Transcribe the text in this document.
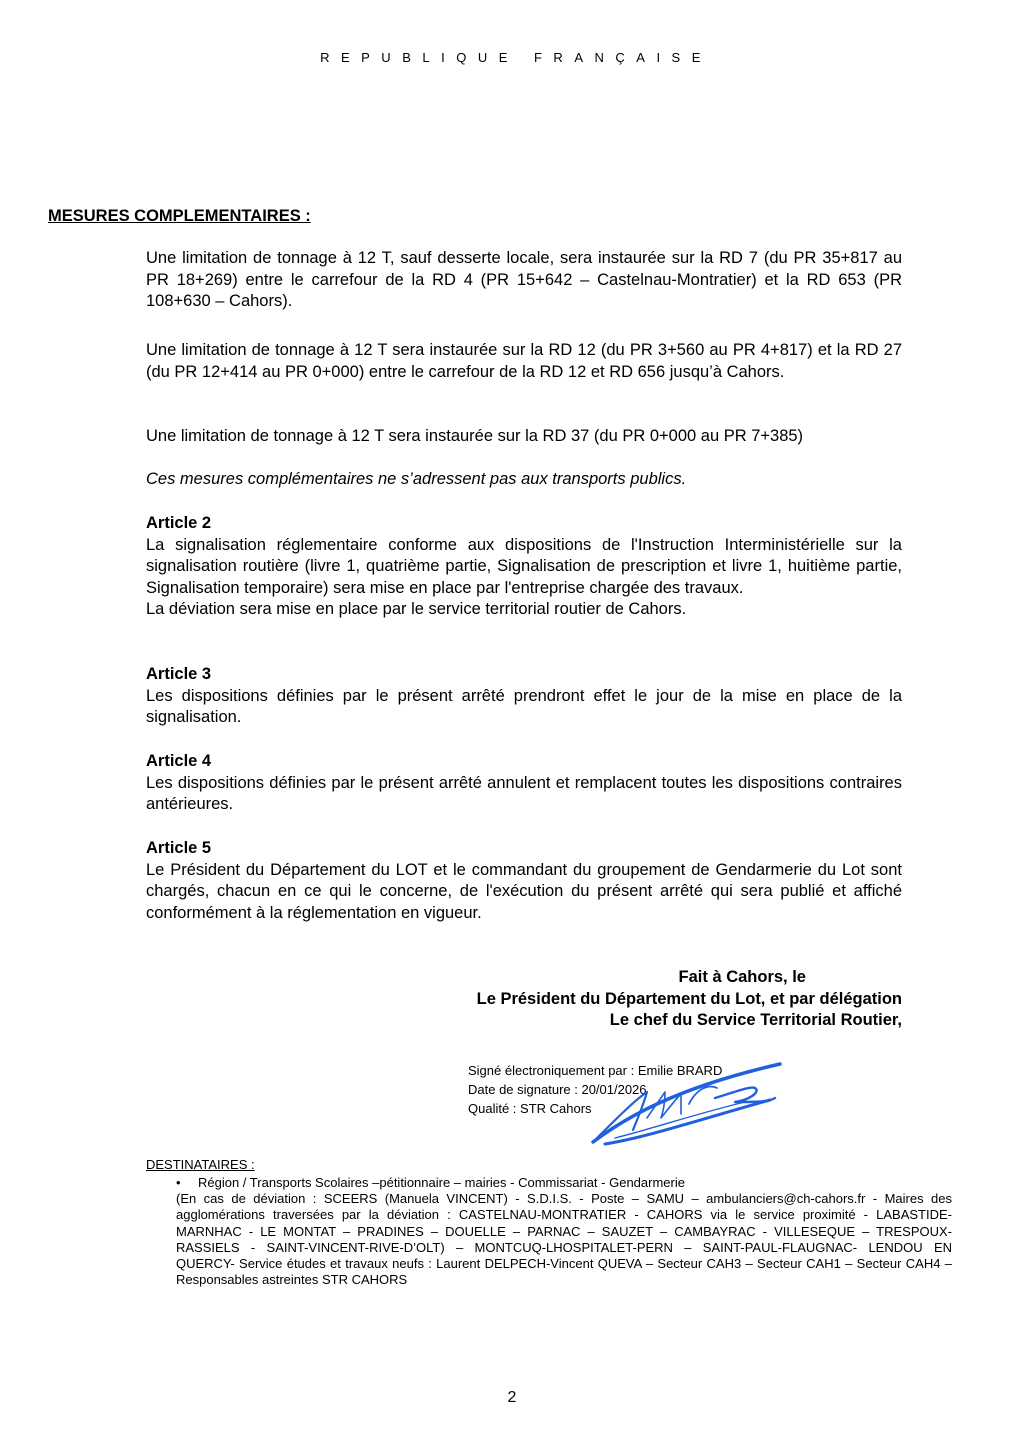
REPUBLIQUE FRANÇAISE
MESURES COMPLEMENTAIRES :

Une limitation de tonnage à 12 T, sauf desserte locale, sera instaurée sur la RD 7 (du PR 35+817 au PR 18+269) entre le carrefour de la RD 4 (PR 15+642 – Castelnau-Montratier) et la RD 653 (PR 108+630 – Cahors).

Une limitation de tonnage à 12 T sera instaurée sur la RD 12 (du PR 3+560 au PR 4+817) et la RD 27 (du PR 12+414 au PR 0+000) entre le carrefour de la RD 12 et RD 656 jusqu’à Cahors.

Une limitation de tonnage à 12 T sera instaurée sur la RD 37 (du PR 0+000 au PR 7+385)

Ces mesures complémentaires ne s’adressent pas aux transports publics.

Article 2

La signalisation réglementaire conforme aux dispositions de l'Instruction Interministérielle sur la signalisation routière (livre 1, quatrième partie, Signalisation de prescription et livre 1, huitième partie, Signalisation temporaire) sera mise en place par l'entreprise chargée des travaux.

La déviation sera mise en place par le service territorial routier de Cahors.

Article 3

Les dispositions définies par le présent arrêté prendront effet le jour de la mise en place de la signalisation.

Article 4

Les dispositions définies par le présent arrêté annulent et remplacent toutes les dispositions contraires antérieures.

Article 5

Le Président du Département du LOT et le commandant du groupement de Gendarmerie du Lot sont chargés, chacun en ce qui le concerne, de l'exécution du présent arrêté qui sera publié et affiché conformément à la réglementation en vigueur.

Fait à Cahors, le
Le Président du Département du Lot, et par délégation
Le chef du Service Territorial Routier,
Signé électroniquement par : Emilie BRARD
Date de signature : 20/01/2026
Qualité : STR Cahors
DESTINATAIRES :
• Région / Transports Scolaires –pétitionnaire – mairies - Commissariat - Gendarmerie
(En cas de déviation : SCEERS (Manuela VINCENT) - S.D.I.S. - Poste – SAMU – ambulanciers@ch-cahors.fr - Maires des agglomérations traversées par la déviation : CASTELNAU-MONTRATIER - CAHORS via le service proximité - LABASTIDE-MARNHAC - LE MONTAT – PRADINES – DOUELLE – PARNAC – SAUZET – CAMBAYRAC - VILLESEQUE – TRESPOUX-RASSIELS - SAINT-VINCENT-RIVE-D’OLT) – MONTCUQ-LHOSPITALET-PERN – SAINT-PAUL-FLAUGNAC- LENDOU EN QUERCY- Service études et travaux neufs : Laurent DELPECH-Vincent QUEVA – Secteur CAH3 – Secteur CAH1 – Secteur CAH4 – Responsables astreintes STR CAHORS
2
